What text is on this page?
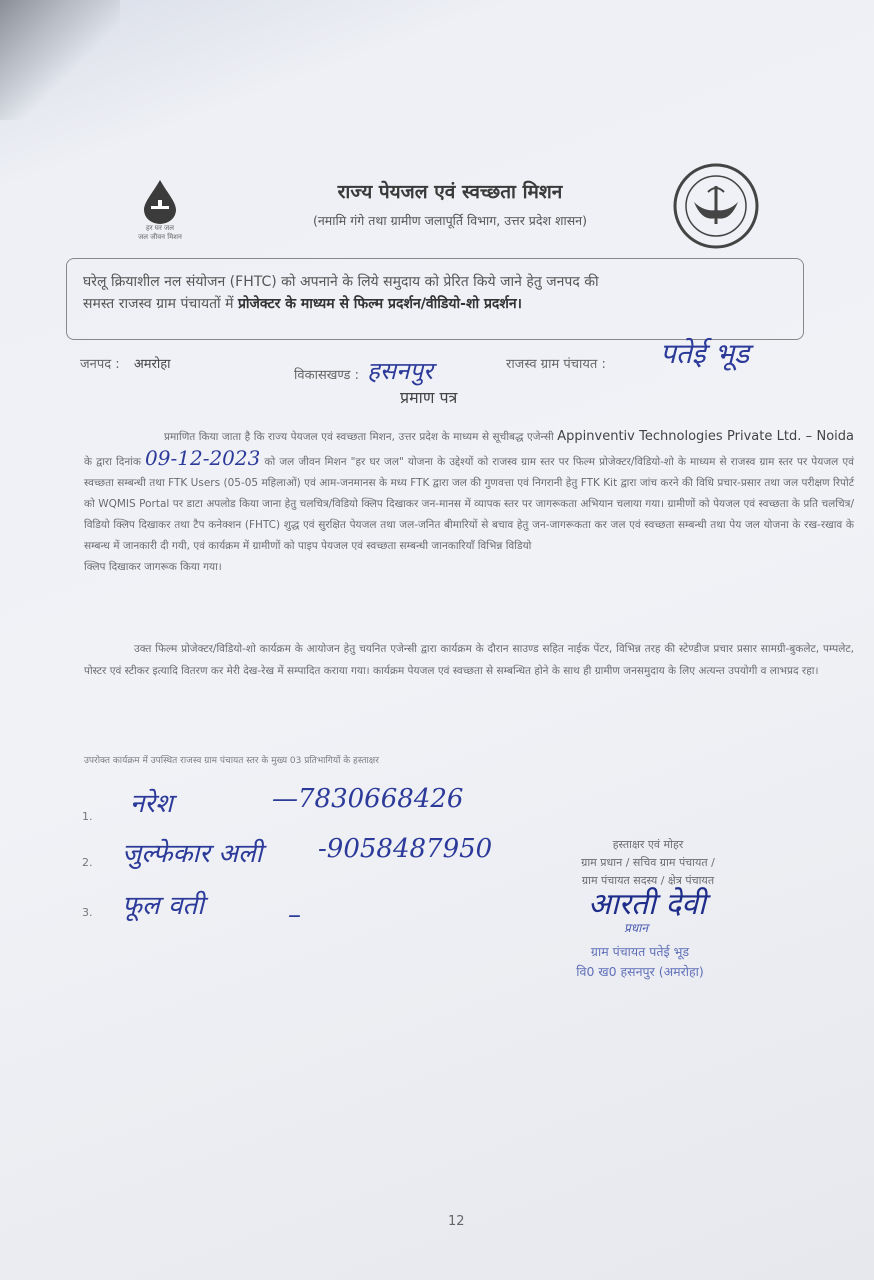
हर घर जल
जल जीवन मिशन
राज्य पेयजल एवं स्वच्छता मिशन
(नमामि गंगे तथा ग्रामीण जलापूर्ति विभाग, उत्तर प्रदेश शासन)
घरेलू क्रियाशील नल संयोजन (FHTC) को अपनाने के लिये समुदाय को प्रेरित किये जाने हेतु जनपद की
समस्त राजस्व ग्राम पंचायतों में प्रोजेक्टर के माध्यम से फिल्म प्रदर्शन/वीडियो-शो प्रदर्शन।
जनपद : अमरोहा
विकासखण्ड : हसनपुर	राजस्व ग्राम पंचायत : पतेई भूड
प्रमाण पत्र
प्रमाणित किया जाता है कि राज्य पेयजल एवं स्वच्छता मिशन, उत्तर प्रदेश के माध्यम से सूचीबद्ध एजेन्सी Appinventiv Technologies Private Ltd. – Noida के द्वारा दिनांक 09-12-2023 को जल जीवन मिशन "हर घर जल" योजना के उद्देश्यों को राजस्व ग्राम स्तर पर फिल्म प्रोजेक्टर/विडियो-शो के माध्यम से राजस्व ग्राम स्तर पर पेयजल एवं स्वच्छता सम्बन्धी तथा FTK Users (05-05 महिलाओं) एवं आम-जनमानस के मध्य FTK द्वारा जल की गुणवत्ता एवं निगरानी हेतु FTK Kit द्वारा जांच करने की विधि प्रचार-प्रसार तथा जल परीक्षण रिपोर्ट को WQMIS Portal पर डाटा अपलोड किया जाना हेतु चलचित्र/विडियो क्लिप दिखाकर जन-मानस में व्यापक स्तर पर जागरूकता अभियान चलाया गया। ग्रामीणों को पेयजल एवं स्वच्छता के प्रति चलचित्र/विडियो क्लिप दिखाकर तथा टैप कनेक्शन (FHTC) शुद्ध एवं सुरक्षित पेयजल तथा जल-जनित बीमारियों से बचाव हेतु जन-जागरूकता कर जल एवं स्वच्छता सम्बन्धी तथा पेय जल योजना के रख-रखाव के सम्बन्ध में जानकारी दी गयी, एवं कार्यक्रम में ग्रामीणों को पाइप पेयजल एवं स्वच्छता सम्बन्धी जानकारियाँ विभिन्न विडियो
क्लिप दिखाकर जागरूक किया गया।
उक्त फिल्म प्रोजेक्टर/विडियो-शो कार्यक्रम के आयोजन हेतु चयनित एजेन्सी द्वारा कार्यक्रम के दौरान साउण्ड सहित नाईक पेंटर, विभिन्न तरह की स्टेण्डीज प्रचार प्रसार सामग्री-बुकलेट, पम्पलेट, पोस्टर एवं स्टीकर इत्यादि वितरण कर मेरी देख-रेख में सम्पादित कराया गया। कार्यक्रम पेयजल एवं स्वच्छता से सम्बन्धित होने के साथ ही ग्रामीण जनसमुदाय के लिए अत्यन्त उपयोगी व लाभप्रद रहा।
उपरोक्त कार्यक्रम में उपस्थित राजस्व ग्राम पंचायत स्तर के मुख्य 03 प्रतिभागियों के हस्ताक्षर
1. नरेश	—7830668426
2. जुल्फेकार अली -9058487950
3. फूल वती	–
हस्ताक्षर एवं मोहर
ग्राम प्रधान / सचिव ग्राम पंचायत /
ग्राम पंचायत सदस्य / क्षेत्र पंचायत
आरती देवी
प्रधान
ग्राम पंचायत पतेई भूड
वि0 ख0 हसनपुर (अमरोहा)
12
